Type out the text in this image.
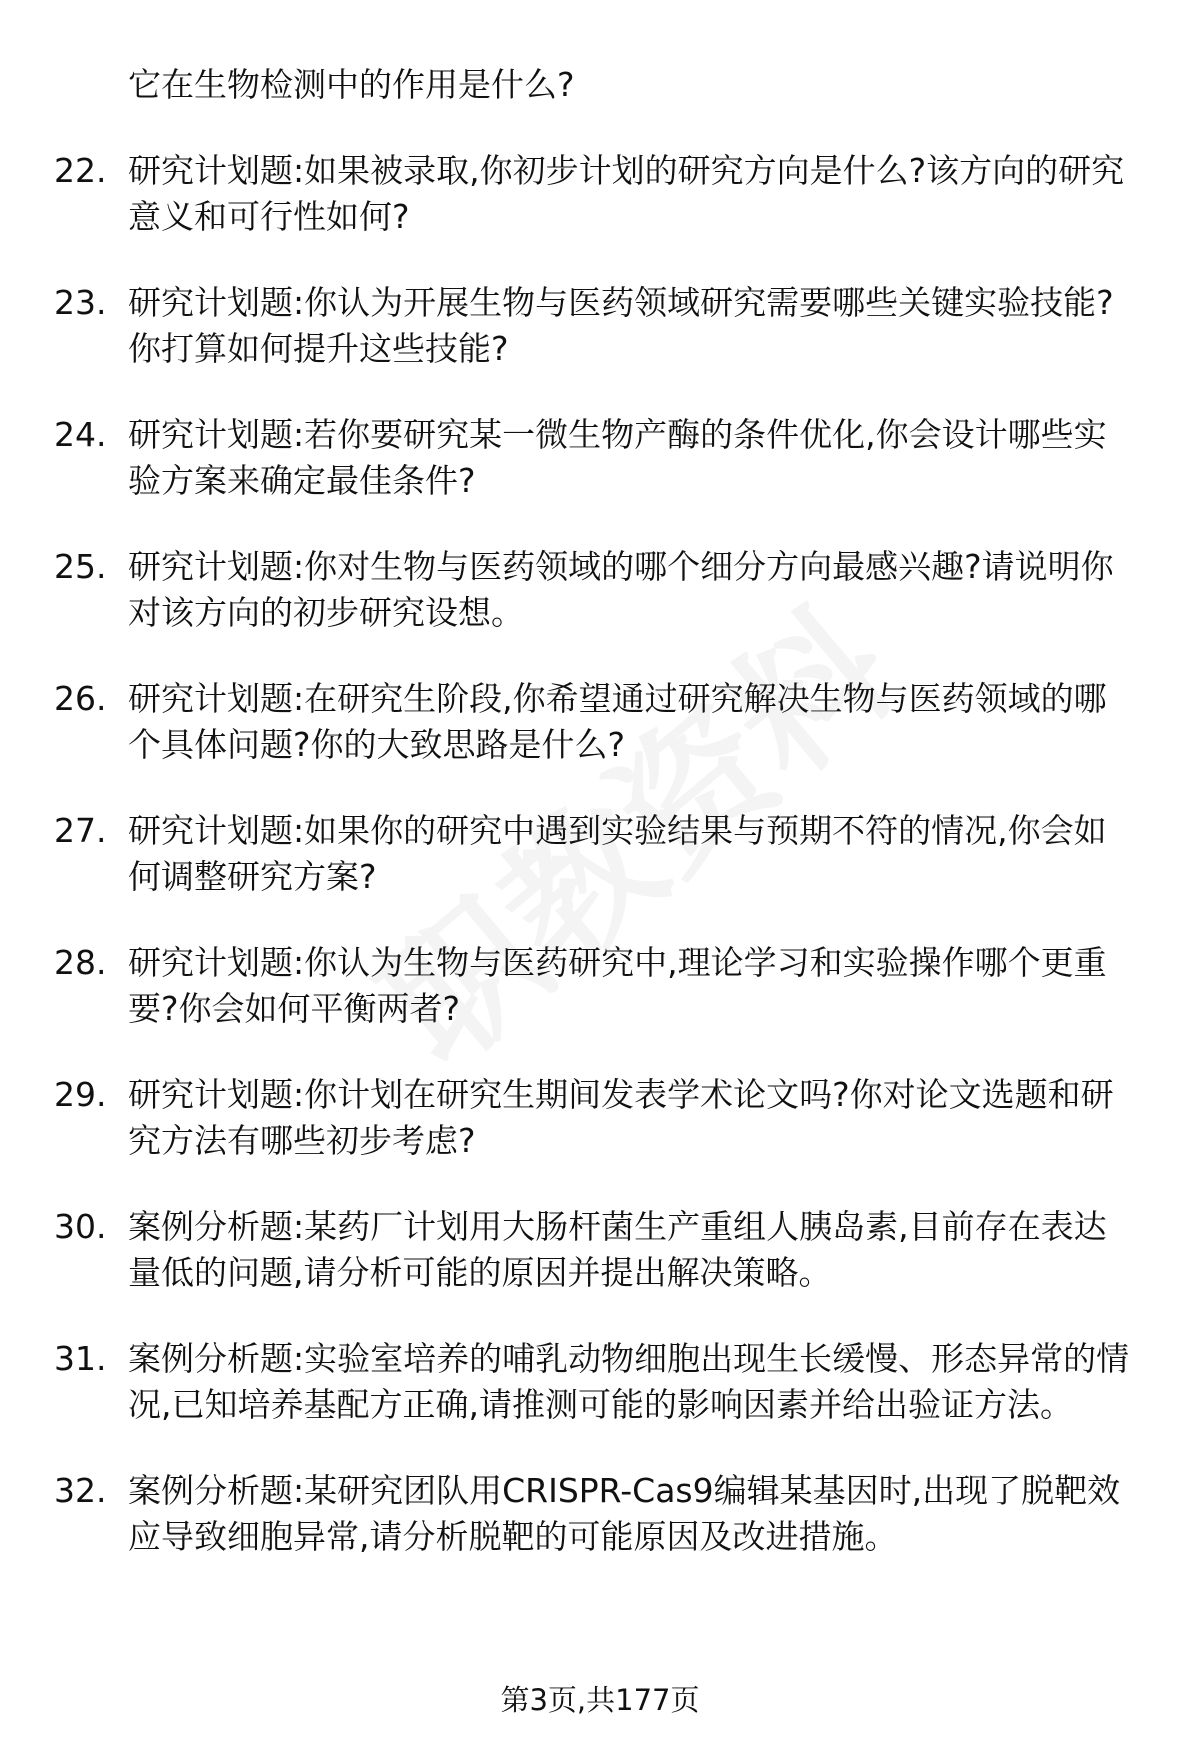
它在生物检测中的作用是什么?
22. 研究计划题:如果被录取,你初步计划的研究方向是什么?该方向的研究意义和可行性如何?
23. 研究计划题:你认为开展生物与医药领域研究需要哪些关键实验技能?你打算如何提升这些技能?
24. 研究计划题:若你要研究某一微生物产酶的条件优化,你会设计哪些实验方案来确定最佳条件?
25. 研究计划题:你对生物与医药领域的哪个细分方向最感兴趣?请说明你对该方向的初步研究设想。
26. 研究计划题:在研究生阶段,你希望通过研究解决生物与医药领域的哪个具体问题?你的大致思路是什么?
27. 研究计划题:如果你的研究中遇到实验结果与预期不符的情况,你会如何调整研究方案?
28. 研究计划题:你认为生物与医药研究中,理论学习和实验操作哪个更重要?你会如何平衡两者?
29. 研究计划题:你计划在研究生期间发表学术论文吗?你对论文选题和研究方法有哪些初步考虑?
30. 案例分析题:某药厂计划用大肠杆菌生产重组人胰岛素,目前存在表达量低的问题,请分析可能的原因并提出解决策略。
31. 案例分析题:实验室培养的哺乳动物细胞出现生长缓慢、形态异常的情况,已知培养基配方正确,请推测可能的影响因素并给出验证方法。
32. 案例分析题:某研究团队用CRISPR-Cas9编辑某基因时,出现了脱靶效应导致细胞异常,请分析脱靶的可能原因及改进措施。
第3页,共177页
